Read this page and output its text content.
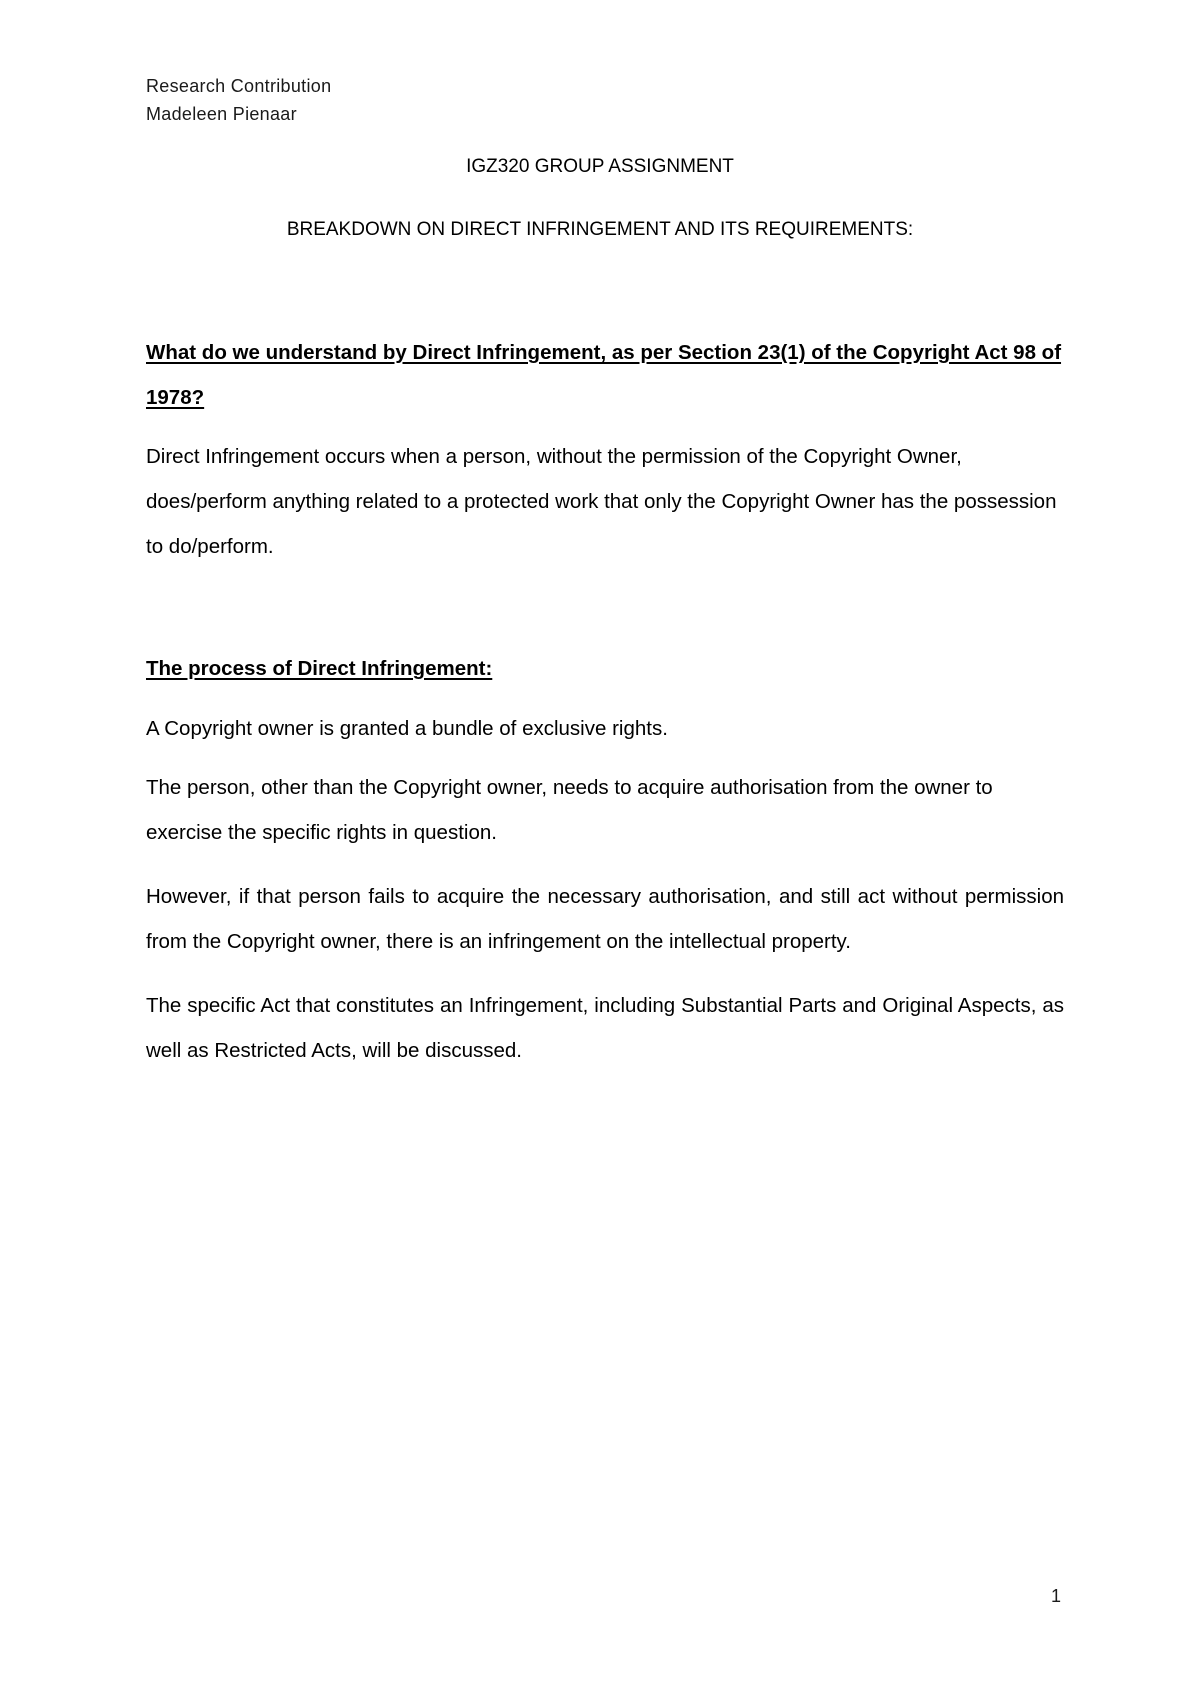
Research Contribution
Madeleen Pienaar
IGZ320 GROUP ASSIGNMENT
BREAKDOWN ON DIRECT INFRINGEMENT AND ITS REQUIREMENTS:
What do we understand by Direct Infringement, as per Section 23(1) of the Copyright Act 98 of 1978?
Direct Infringement occurs when a person, without the permission of the Copyright Owner, does/perform anything related to a protected work that only the Copyright Owner has the possession to do/perform.
The process of Direct Infringement:
A Copyright owner is granted a bundle of exclusive rights.
The person, other than the Copyright owner, needs to acquire authorisation from the owner to exercise the specific rights in question.
However, if that person fails to acquire the necessary authorisation, and still act without permission from the Copyright owner, there is an infringement on the intellectual property.
The specific Act that constitutes an Infringement, including Substantial Parts and Original Aspects, as well as Restricted Acts, will be discussed.
1
